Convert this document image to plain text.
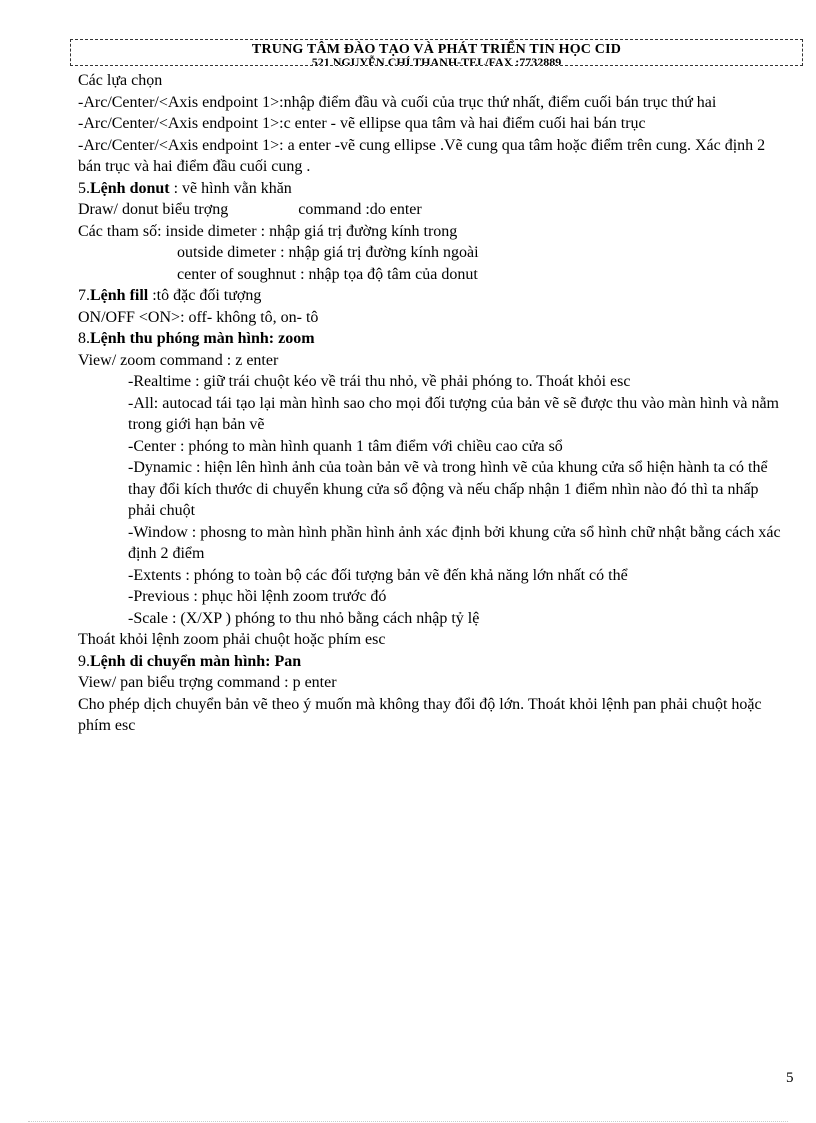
TRUNG TÂM ĐÀO TẠO VÀ PHÁT TRIỂN TIN HỌC CID
521 NGUYỄN CHÍ THANH-TEL/FAX :7732889
Các lựa chọn
-Arc/Center/<Axis endpoint 1>:nhập điểm đầu và cuối của trục thứ nhất, điểm cuối bán trục thứ hai
-Arc/Center/<Axis endpoint 1>:c enter - vẽ ellipse qua tâm và hai điểm cuối hai bán trục
-Arc/Center/<Axis endpoint 1>: a enter -vẽ cung ellipse .Vẽ cung qua tâm hoặc điểm trên cung. Xác định 2 bán trục và hai điểm đầu cuối cung .
5.Lệnh donut : vẽ hình vằn khăn
Draw/ donut biểu trợng	command :do enter
Các tham số: inside dimeter : nhập giá trị đường kính trong
outside dimeter : nhập giá trị đường kính ngoài
center of soughnut : nhập tọa độ tâm của donut
7.Lệnh fill :tô đặc đối tượng
ON/OFF <ON>: off- không tô, on- tô
8.Lệnh thu phóng màn hình: zoom
View/ zoom command : z enter
-Realtime : giữ trái chuột kéo về trái thu nhỏ, về phải phóng to. Thoát khỏi esc
-All: autocad tái tạo lại màn hình sao cho mọi đối tượng của bản vẽ sẽ được thu vào màn hình và nằm trong giới hạn bản vẽ
-Center : phóng to màn hình quanh 1 tâm điểm với chiều cao cửa sổ
-Dynamic : hiện lên hình ảnh của toàn bản vẽ và trong hình vẽ của khung cửa sổ hiện hành ta có thể thay đổi kích thước di chuyển khung cửa sổ động và nếu chấp nhận 1 điểm nhìn nào đó thì ta nhấp phải chuột
-Window : phosng to màn hình phần hình ảnh xác định bởi khung cửa sổ hình chữ nhật bằng cách xác định 2 điểm
-Extents : phóng to toàn bộ các đối tượng bản vẽ đến khả năng lớn nhất có thể
-Previous : phục hồi lệnh zoom trước đó
-Scale : (X/XP ) phóng to thu nhỏ bằng cách nhập tỷ lệ
Thoát khỏi lệnh zoom phải chuột hoặc phím esc
9.Lệnh di chuyển màn hình: Pan
View/ pan biểu trợng command : p enter
Cho phép dịch chuyển bản vẽ theo ý muốn mà không thay đổi độ lớn. Thoát khỏi lệnh pan phải chuột hoặc phím esc
5
